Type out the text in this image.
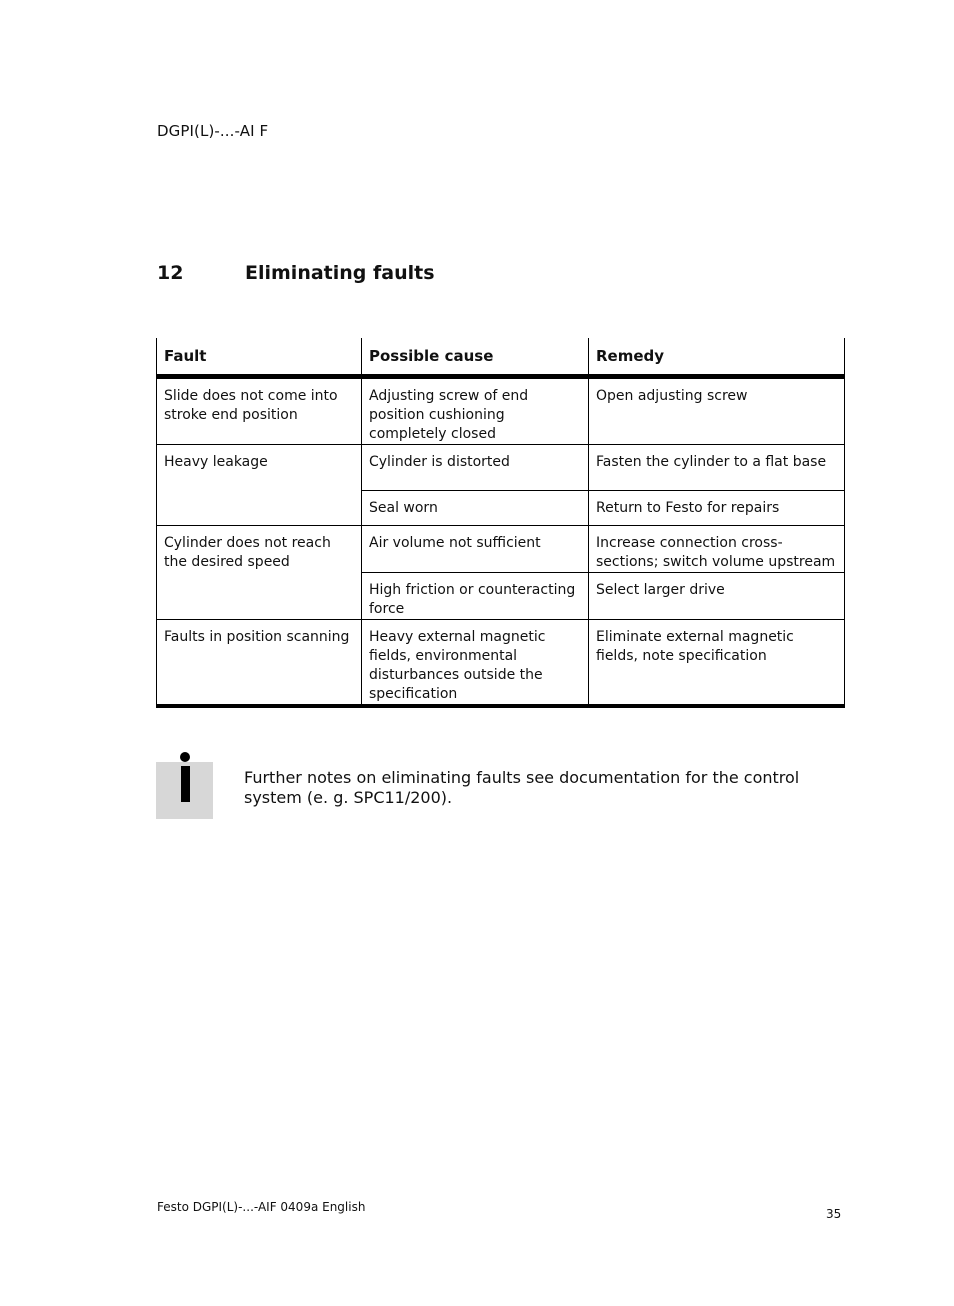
DGPI(L)-...-AI F
12	Eliminating faults
Fault	Possible cause	Remedy
Slide does not come into stroke end position	Adjusting screw of end position cushioning completely closed	Open adjusting screw
Heavy leakage	Cylinder is distorted	Fasten the cylinder to a flat base
	Seal worn	Return to Festo for repairs
Cylinder does not reach the desired speed	Air volume not sufficient	Increase connection cross-sections; switch volume upstream
	High friction or counteracting force	Select larger drive
Faults in position scanning	Heavy external magnetic fields, environmental disturbances outside the specification	Eliminate external magnetic fields, note specification
Further notes on eliminating faults see documentation for the control system (e. g. SPC11/200).
Festo DGPI(L)-...-AIF 0409a English	35
